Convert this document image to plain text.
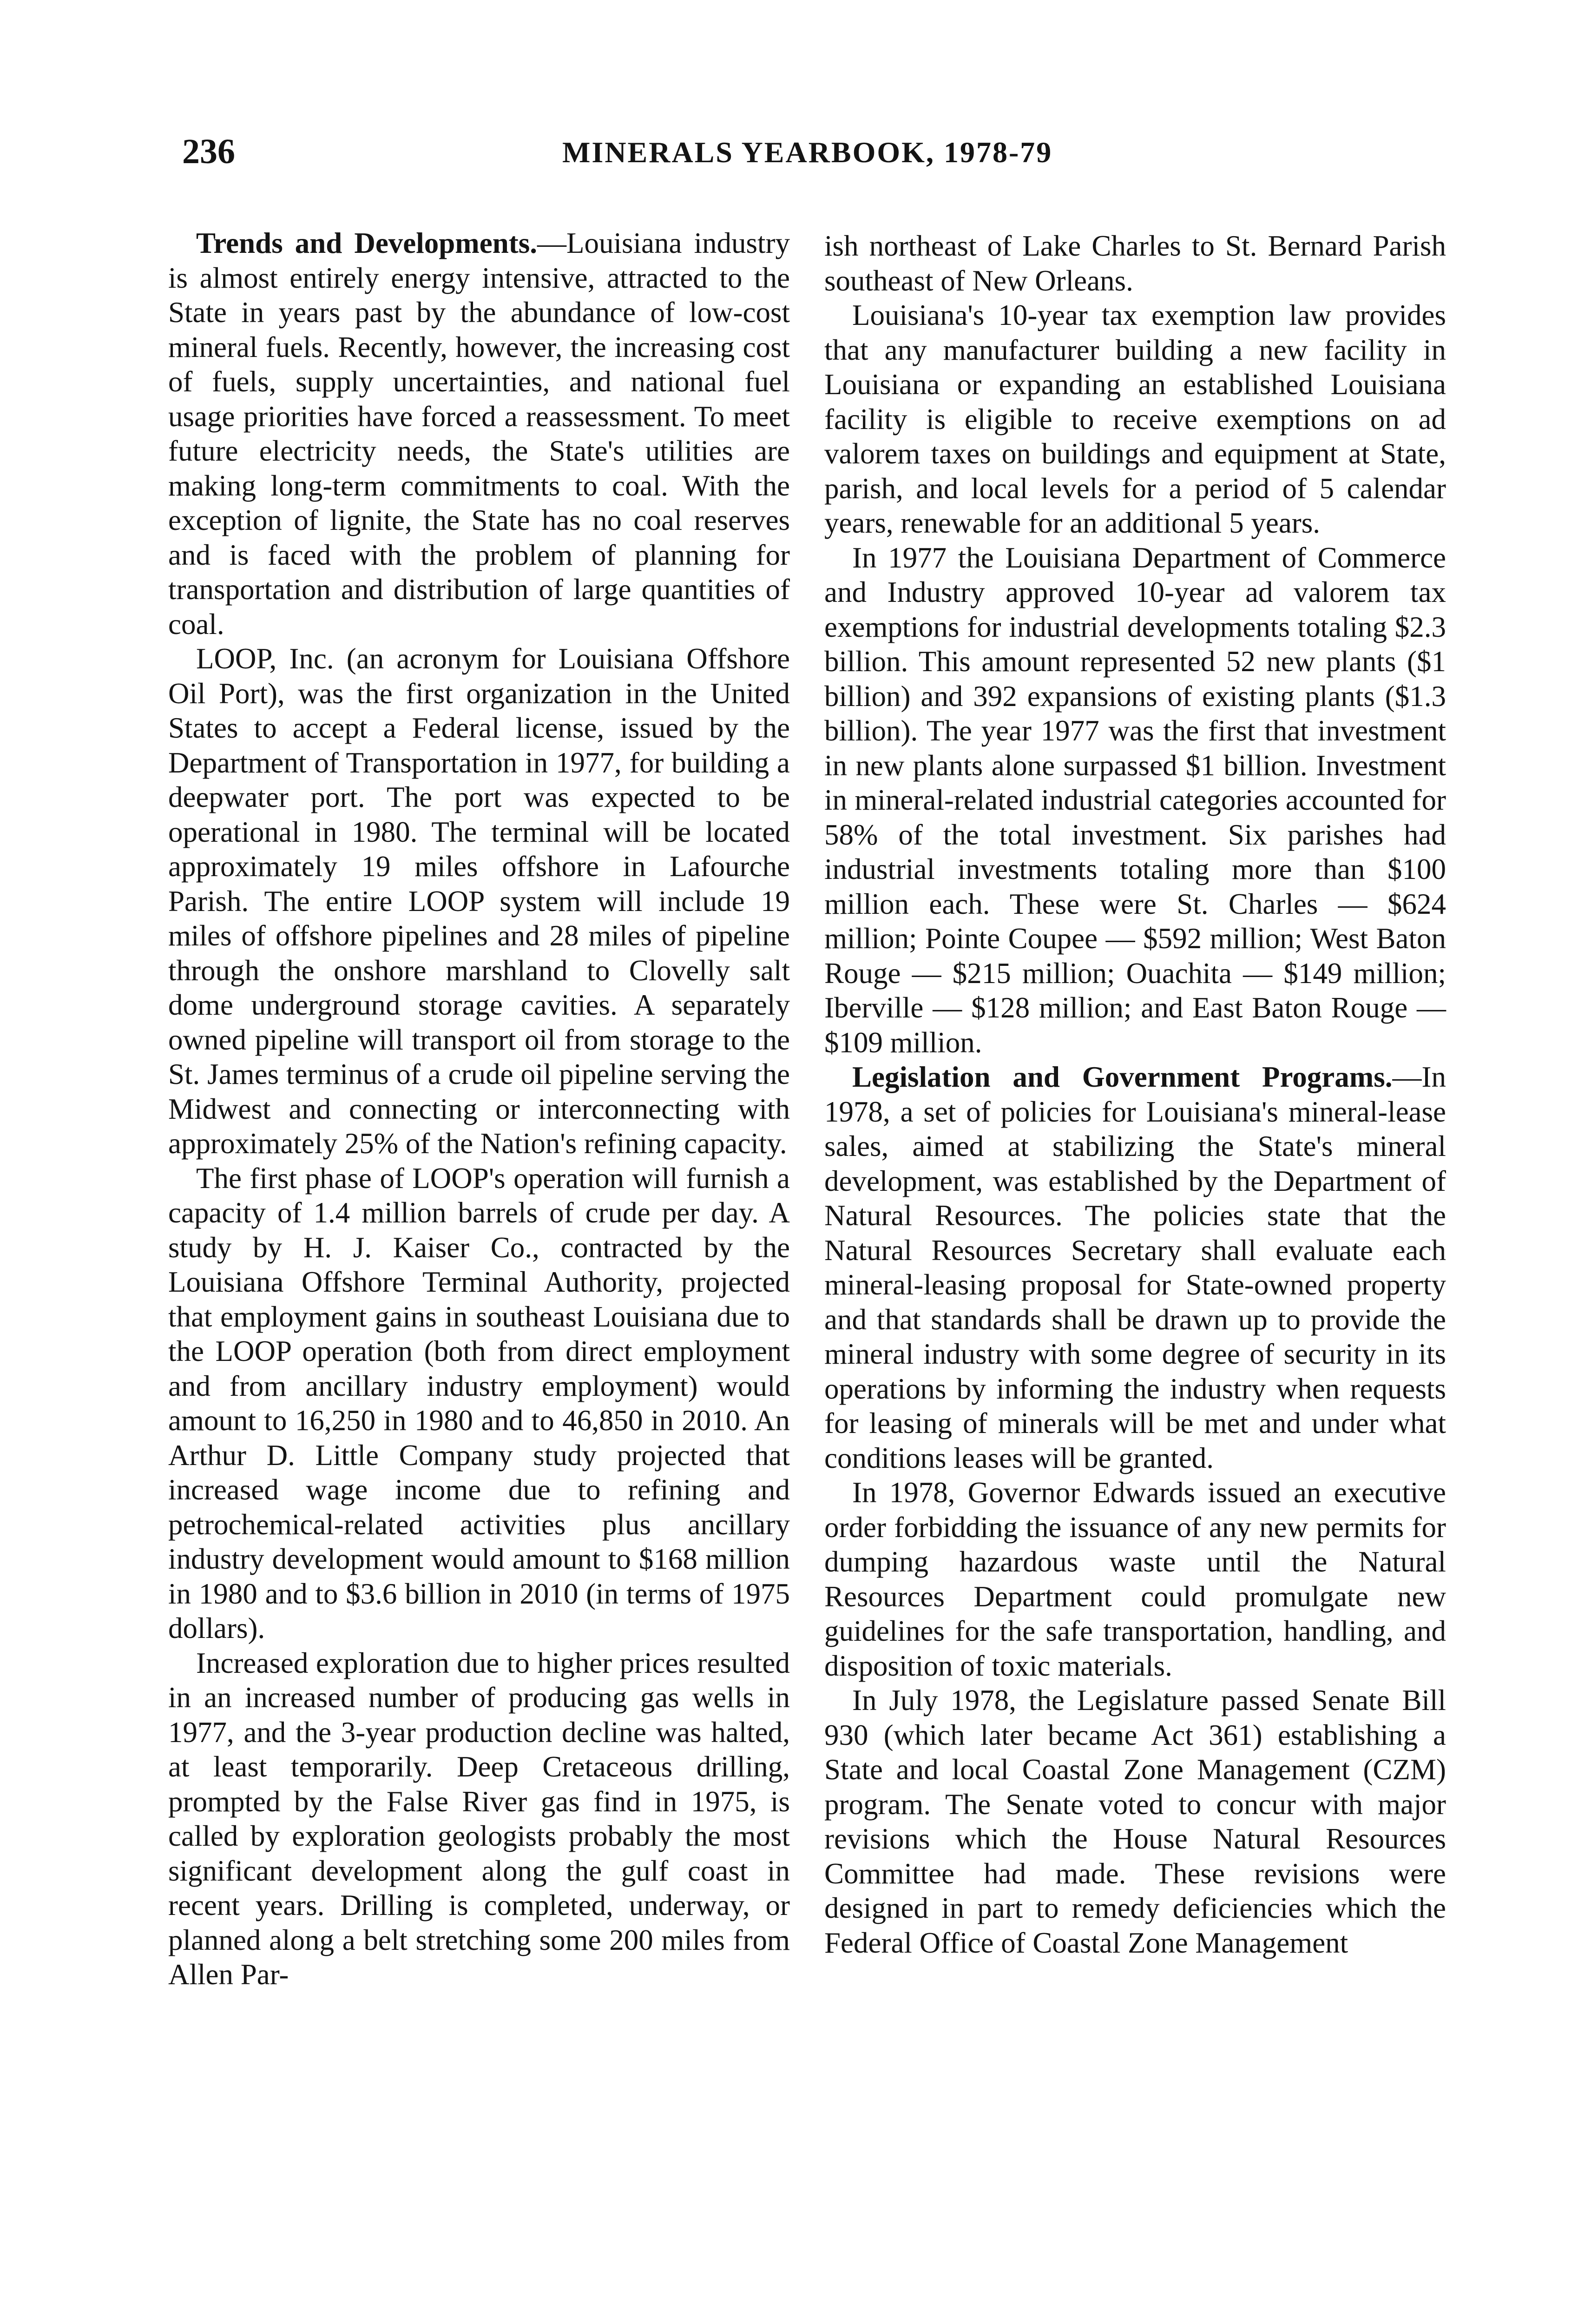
236	MINERALS YEARBOOK, 1978-79

Trends and Developments.—Louisiana industry is almost entirely energy intensive, attracted to the State in years past by the abundance of low-cost mineral fuels. Recently, however, the increasing cost of fuels, supply uncertainties, and national fuel usage priorities have forced a reassessment. To meet future electricity needs, the State's utilities are making long-term commitments to coal. With the exception of lignite, the State has no coal reserves and is faced with the problem of planning for transportation and distribution of large quantities of coal.

LOOP, Inc. (an acronym for Louisiana Offshore Oil Port), was the first organization in the United States to accept a Federal license, issued by the Department of Transportation in 1977, for building a deepwater port. The port was expected to be operational in 1980. The terminal will be located approximately 19 miles offshore in Lafourche Parish. The entire LOOP system will include 19 miles of offshore pipelines and 28 miles of pipeline through the onshore marshland to Clovelly salt dome underground storage cavities. A separately owned pipeline will transport oil from storage to the St. James terminus of a crude oil pipeline serving the Midwest and connecting or interconnecting with approximately 25% of the Nation's refining capacity.

The first phase of LOOP's operation will furnish a capacity of 1.4 million barrels of crude per day. A study by H. J. Kaiser Co., contracted by the Louisiana Offshore Terminal Authority, projected that employment gains in southeast Louisiana due to the LOOP operation (both from direct employment and from ancillary industry employment) would amount to 16,250 in 1980 and to 46,850 in 2010. An Arthur D. Little Company study projected that increased wage income due to refining and petrochemical-related activities plus ancillary industry development would amount to $168 million in 1980 and to $3.6 billion in 2010 (in terms of 1975 dollars).

Increased exploration due to higher prices resulted in an increased number of producing gas wells in 1977, and the 3-year production decline was halted, at least temporarily. Deep Cretaceous drilling, prompted by the False River gas find in 1975, is called by exploration geologists probably the most significant development along the gulf coast in recent years. Drilling is completed, underway, or planned along a belt stretching some 200 miles from Allen Par-

ish northeast of Lake Charles to St. Bernard Parish southeast of New Orleans.

Louisiana's 10-year tax exemption law provides that any manufacturer building a new facility in Louisiana or expanding an established Louisiana facility is eligible to receive exemptions on ad valorem taxes on buildings and equipment at State, parish, and local levels for a period of 5 calendar years, renewable for an additional 5 years.

In 1977 the Louisiana Department of Commerce and Industry approved 10-year ad valorem tax exemptions for industrial developments totaling $2.3 billion. This amount represented 52 new plants ($1 billion) and 392 expansions of existing plants ($1.3 billion). The year 1977 was the first that investment in new plants alone surpassed $1 billion. Investment in mineral-related industrial categories accounted for 58% of the total investment. Six parishes had industrial investments totaling more than $100 million each. These were St. Charles — $624 million; Pointe Coupee — $592 million; West Baton Rouge — $215 million; Ouachita — $149 million; Iberville — $128 million; and East Baton Rouge — $109 million.

Legislation and Government Programs.—In 1978, a set of policies for Louisiana's mineral-lease sales, aimed at stabilizing the State's mineral development, was established by the Department of Natural Resources. The policies state that the Natural Resources Secretary shall evaluate each mineral-leasing proposal for State-owned property and that standards shall be drawn up to provide the mineral industry with some degree of security in its operations by informing the industry when requests for leasing of minerals will be met and under what conditions leases will be granted.

In 1978, Governor Edwards issued an executive order forbidding the issuance of any new permits for dumping hazardous waste until the Natural Resources Department could promulgate new guidelines for the safe transportation, handling, and disposition of toxic materials.

In July 1978, the Legislature passed Senate Bill 930 (which later became Act 361) establishing a State and local Coastal Zone Management (CZM) program. The Senate voted to concur with major revisions which the House Natural Resources Committee had made. These revisions were designed in part to remedy deficiencies which the Federal Office of Coastal Zone Management
